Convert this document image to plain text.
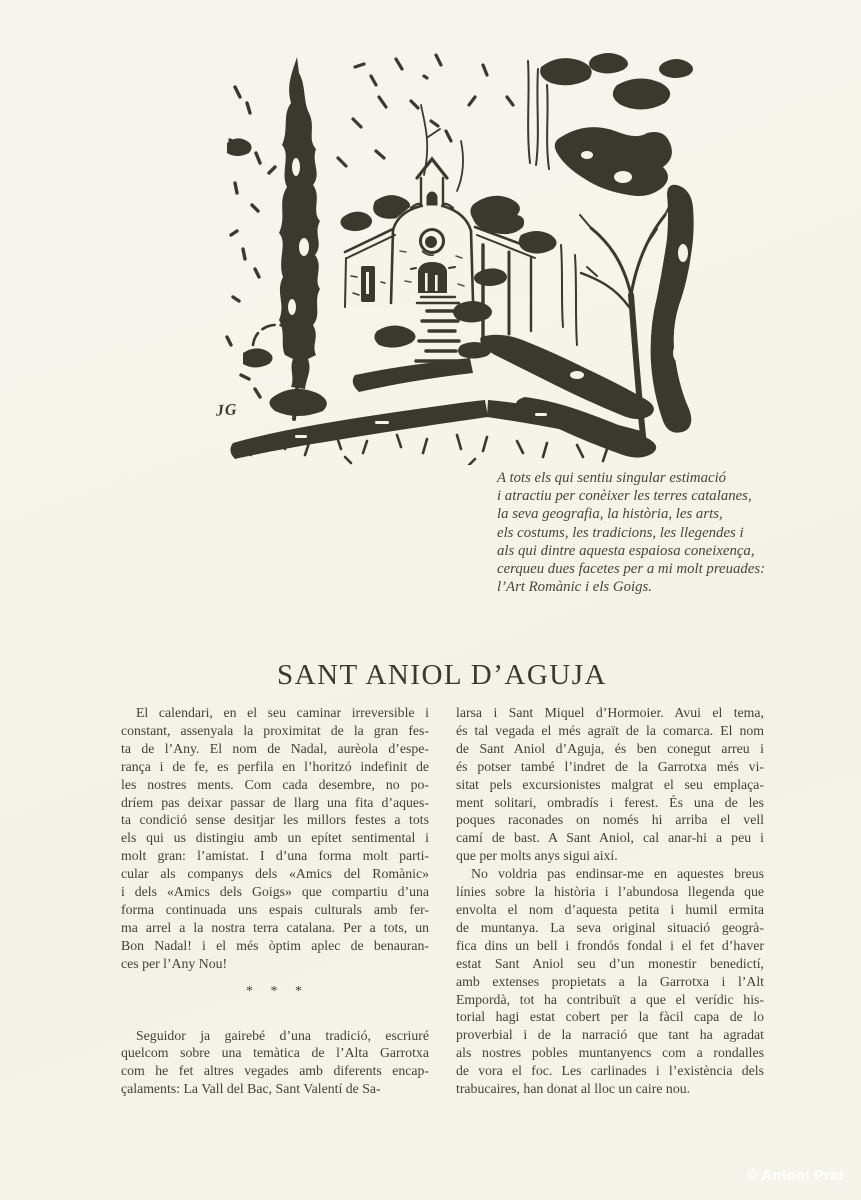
JG
A tots els qui sentiu singular estimació
i atractiu per conèixer les terres catalanes,
la seva geografia, la història, les arts,
els costums, les tradicions, les llegendes i
als qui dintre aquesta espaiosa coneixença,
cerqueu dues facetes per a mi molt preuades:
l’Art Romànic i els Goigs.
SANT ANIOL D’AGUJA
El calendari, en el seu caminar irreversible i
constant, assenyala la proximitat de la gran fes-
ta de l’Any. El nom de Nadal, aurèola d’espe-
rança i de fe, es perfila en l’horitzó indefinit de
les nostres ments. Com cada desembre, no po-
dríem pas deixar passar de llarg una fita d’aques-
ta condició sense desitjar les millors festes a tots
els qui us distingiu amb un epítet sentimental i
molt gran: l’amistat. I d’una forma molt parti-
cular als companys dels «Amics del Romànic»
i dels «Amics dels Goigs» que compartiu d’una
forma continuada uns espais culturals amb fer-
ma arrel a la nostra terra catalana. Per a tots, un
Bon Nadal! i el més òptim aplec de benauran-
ces per l’Any Nou!
* * *
Seguidor ja gairebé d’una tradició, escriuré
quelcom sobre una temàtica de l’Alta Garrotxa
com he fet altres vegades amb diferents encap-
çalaments: La Vall del Bac, Sant Valentí de Sa-
larsa i Sant Miquel d’Hormoier. Avui el tema,
és tal vegada el més agraït de la comarca. El nom
de Sant Aniol d’Aguja, és ben conegut arreu i
és potser també l’indret de la Garrotxa més vi-
sitat pels excursionistes malgrat el seu emplaça-
ment solitari, ombradís i ferest. És una de les
poques raconades on només hi arriba el vell
camí de bast. A Sant Aniol, cal anar-hi a peu i
que per molts anys sigui així.
No voldria pas endinsar-me en aquestes breus
línies sobre la història i l’abundosa llegenda que
envolta el nom d’aquesta petita i humil ermita
de muntanya. La seva original situació geogrà-
fica dins un bell i frondós fondal i el fet d’haver
estat Sant Aniol seu d’un monestir benedictí,
amb extenses propietats a la Garrotxa i l’Alt
Empordà, tot ha contribuït a que el verídic his-
torial hagi estat cobert per la fàcil capa de lo
proverbial i de la narració que tant ha agradat
als nostres pobles muntanyencs com a rondalles
de vora el foc. Les carlinades i l’existència dels
trabucaires, han donat al lloc un caire nou.
© Antoni Prat
